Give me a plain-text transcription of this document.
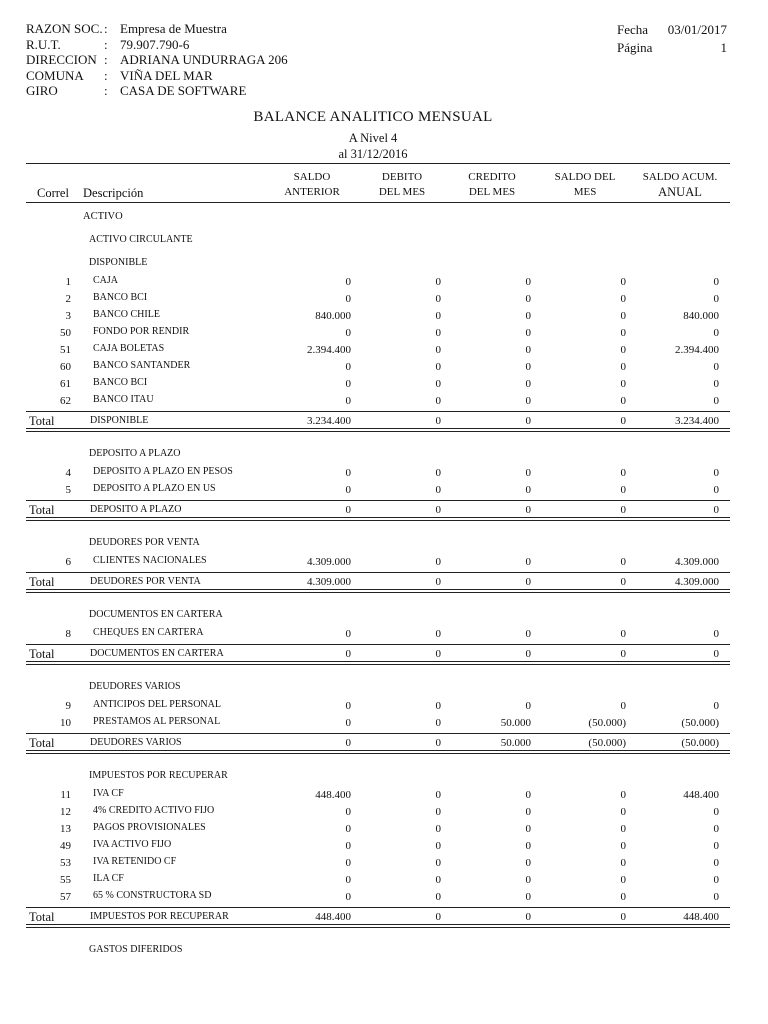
RAZON SOC.: Empresa de Muestra
R.U.T.	: 79.907.790-6
DIRECCION : ADRIANA UNDURRAGA 206
COMUNA : VIÑA DEL MAR
GIRO	: CASA DE SOFTWARE
Fecha 03/01/2017
Página	1
BALANCE ANALITICO MENSUAL
A Nivel 4
al 31/12/2016
Correl Descripción
SALDO
ANTERIOR
DEBITO
DEL MES
CREDITO
DEL MES
SALDO DEL
MES
SALDO ACUM.
ANUAL
ACTIVO
ACTIVO CIRCULANTE
DISPONIBLE
1 CAJA	0	0	0	0	0
2 BANCO BCI	0	0	0	0	0
3 BANCO CHILE	840.000	0	0	0	840.000
50 FONDO POR RENDIR	0	0	0	0	0
51 CAJA BOLETAS	2.394.400	0	0	0	2.394.400
60 BANCO SANTANDER	0	0	0	0	0
61 BANCO BCI	0	0	0	0	0
62 BANCO ITAU	0	0	0	0	0
Total	DISPONIBLE	3.234.400	0	0	0	3.234.400
DEPOSITO A PLAZO
4 DEPOSITO A PLAZO EN PESOS	0	0	0	0	0
5 DEPOSITO A PLAZO EN US	0	0	0	0	0
Total	DEPOSITO A PLAZO	0	0	0	0	0
DEUDORES POR VENTA
6 CLIENTES NACIONALES	4.309.000	0	0	0	4.309.000
Total	DEUDORES POR VENTA	4.309.000	0	0	0	4.309.000
DOCUMENTOS EN CARTERA
8 CHEQUES EN CARTERA	0	0	0	0	0
Total	DOCUMENTOS EN CARTERA	0	0	0	0	0
DEUDORES VARIOS
9 ANTICIPOS DEL PERSONAL	0	0	0	0	0
10 PRESTAMOS AL PERSONAL	0	0	50.000	(50.000)	(50.000)
Total	DEUDORES VARIOS	0	0	50.000	(50.000)	(50.000)
IMPUESTOS POR RECUPERAR
11 IVA CF	448.400	0	0	0	448.400
12 4% CREDITO ACTIVO FIJO	0	0	0	0	0
13 PAGOS PROVISIONALES	0	0	0	0	0
49 IVA ACTIVO FIJO	0	0	0	0	0
53 IVA RETENIDO CF	0	0	0	0	0
55 ILA CF	0	0	0	0	0
57 65 % CONSTRUCTORA SD	0	0	0	0	0
Total	IMPUESTOS POR RECUPERAR	448.400	0	0	0	448.400
GASTOS DIFERIDOS
